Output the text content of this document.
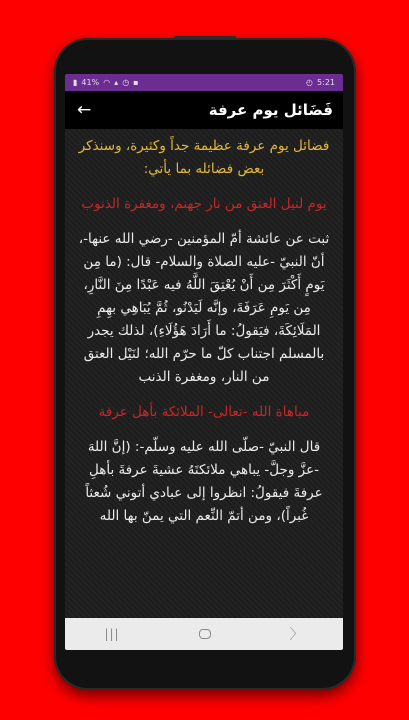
▮ 41% ◠ ▴ ◷ ▪	◴ 5:21
←	فَضَائل يوم عرفة

فضائل يوم عرفة عظيمة جداً وكثيرة، وسنذكر بعض فضائله بما يأتي:

يوم لنيل العتق من نار جهنم، ومغفرة الذنوب

ثبت عن عائشة أمّ المؤمنين -رضي الله عنها-، أنّ النبيّ -عليه الصلاة والسلام- قال: (ما مِن يَومٍ أَكْثَرَ مِن أَنْ يُعْتِقَ اللَّهُ فيه عَبْدًا مِنَ النَّارِ، مِن يَومِ عَرَفَةَ، وإنَّه لَيَدْنُو، ثُمَّ يُبَاهِي بهِمِ المَلَائِكَةَ، فيَقولُ: ما أَرَادَ هَؤُلَاءِ)، لذلك يجدر بالمسلم اجتناب كلّ ما حرّم الله؛ لنَيْل العتق من النار، ومغفرة الذنب

مباهاة الله -تعالى- الملائكة بأهل عرفة

قال النبيّ -صلّى الله عليه وسلّم-: (إنَّ اللهَ -عزَّ وجلَّ- يباهي ملائكتَهُ عشيةَ عرفةَ بأهلِ عرفةَ فيقولُ: انظروا إلى عبادي أتوني شُعثاً غُبراً)، ومن أتمّ النِّعم التي يمنّ بها الله

|||	〉
